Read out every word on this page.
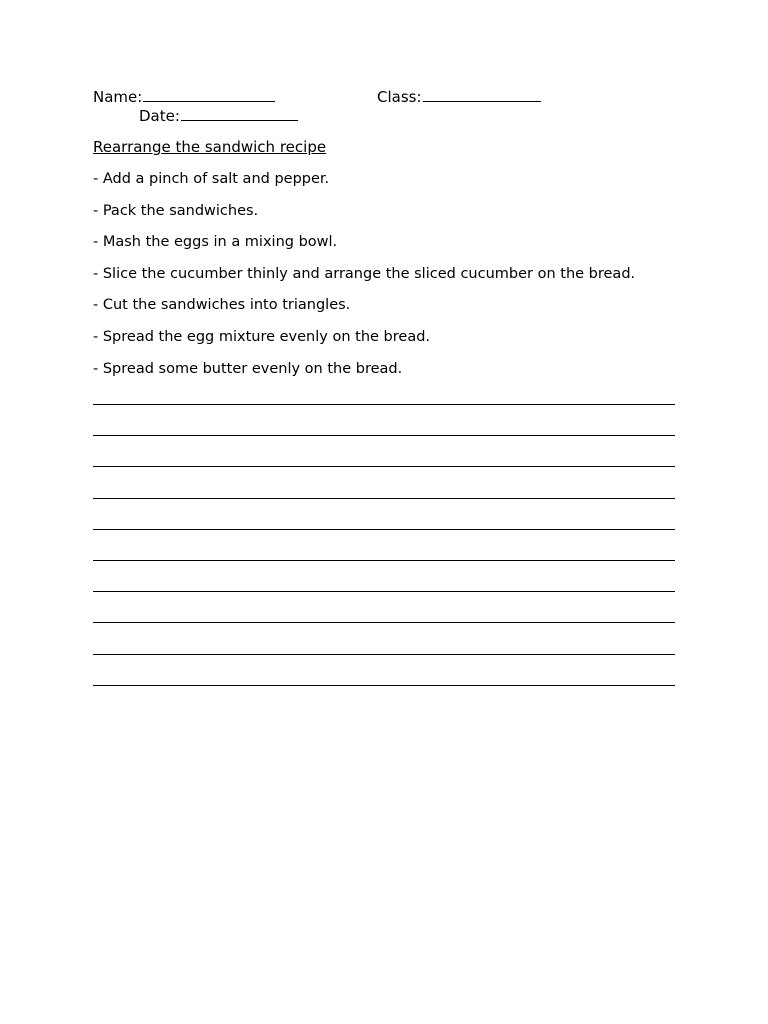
Name:	Class:
Date:
Rearrange the sandwich recipe
- Add a pinch of salt and pepper.
- Pack the sandwiches.
- Mash the eggs in a mixing bowl.
- Slice the cucumber thinly and arrange the sliced cucumber on the bread.
- Cut the sandwiches into triangles.
- Spread the egg mixture evenly on the bread.
- Spread some butter evenly on the bread.
